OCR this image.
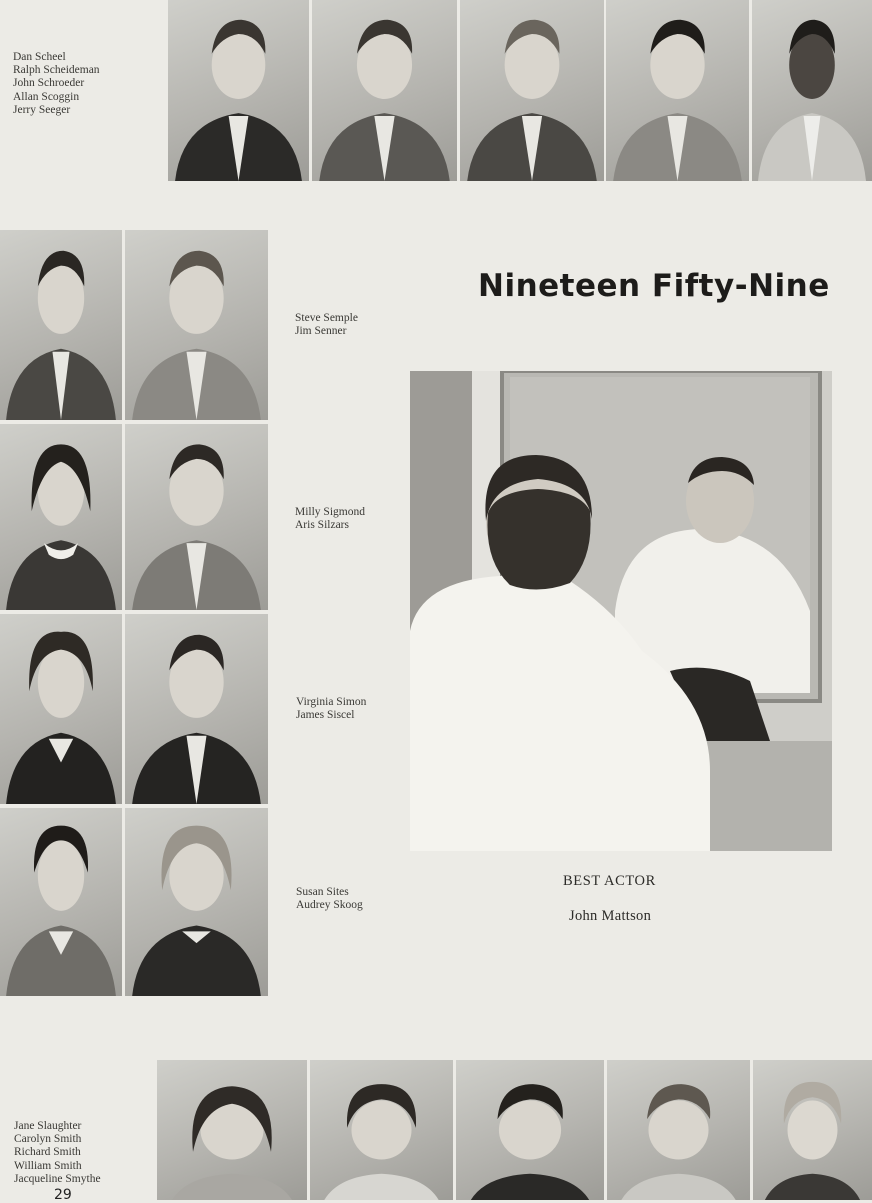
Dan Scheel
Ralph Scheideman
John Schroeder
Allan Scoggin
Jerry Seeger
Steve Semple
Jim Senner
Milly Sigmond
Aris Silzars
Virginia Simon
James Siscel
Susan Sites
Audrey Skoog
Nineteen Fifty-Nine
BEST ACTOR
John Mattson
Jane Slaughter
Carolyn Smith
Richard Smith
William Smith
Jacqueline Smythe
29
